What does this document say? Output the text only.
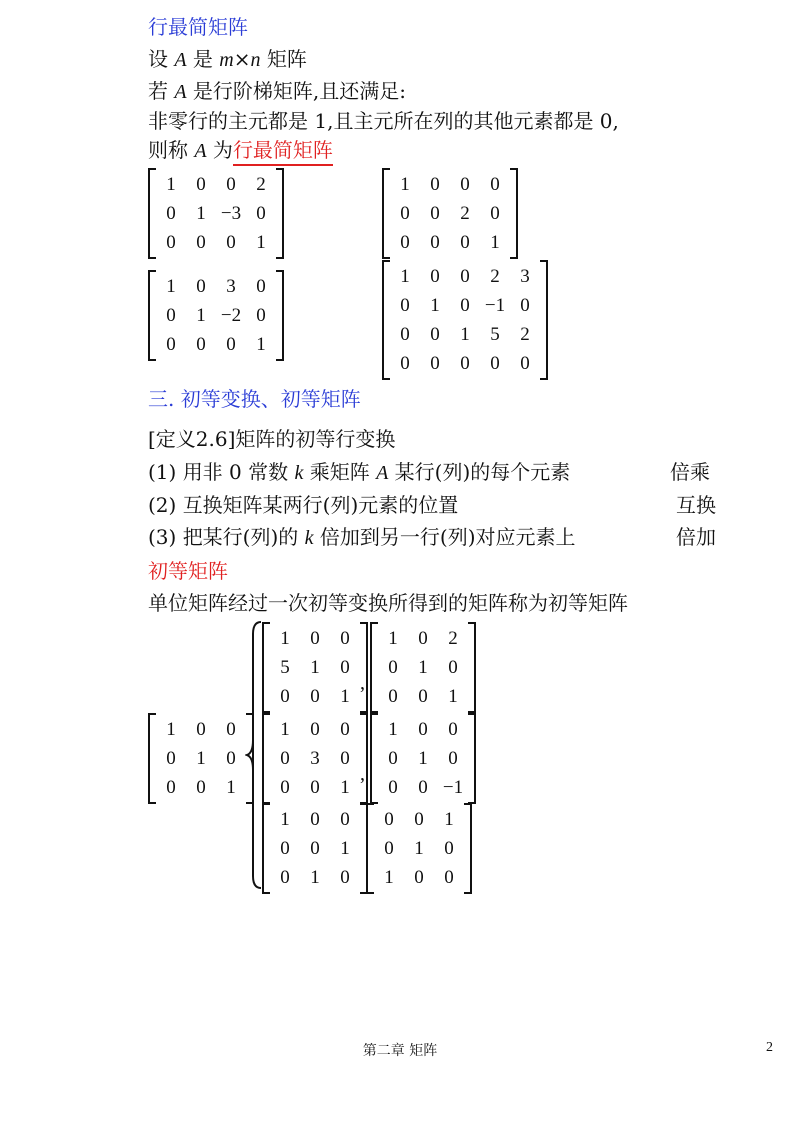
行最简矩阵
设 A 是 m×n 矩阵
若 A 是行阶梯矩阵,且还满足:
非零行的主元都是 1,且主元所在列的其他元素都是 0,
则称 A 为行最简矩阵
1	0	0	2
0	1	−3	0
0	0	0	1
1	0	0	0
0	0	2	0
0	0	0	1
1	0	3	0
0	1	−2	0
0	0	0	1
1	0	0	2	3
0	1	0	−1	0
0	0	1	5	2
0	0	0	0	0
三. 初等变换、初等矩阵
[定义2.6]矩阵的初等行变换
(1) 用非 0 常数 k 乘矩阵 A 某行(列)的每个元素	倍乘
(2) 互换矩阵某两行(列)元素的位置	互换
(3) 把某行(列)的 k 倍加到另一行(列)对应元素上	倍加
初等矩阵
单位矩阵经过一次初等变换所得到的矩阵称为初等矩阵
1	0	0
0	1	0
0	0	1
1	0	0
5	1	0
0	0	1
,
1	0	2
0	1	0
0	0	1
1	0	0
0	3	0
0	0	1
,
1	0	0
0	1	0
0	0	−1
1	0	0
0	0	1
0	1	0
0	0	1
0	1	0
1	0	0
第二章 矩阵	2
